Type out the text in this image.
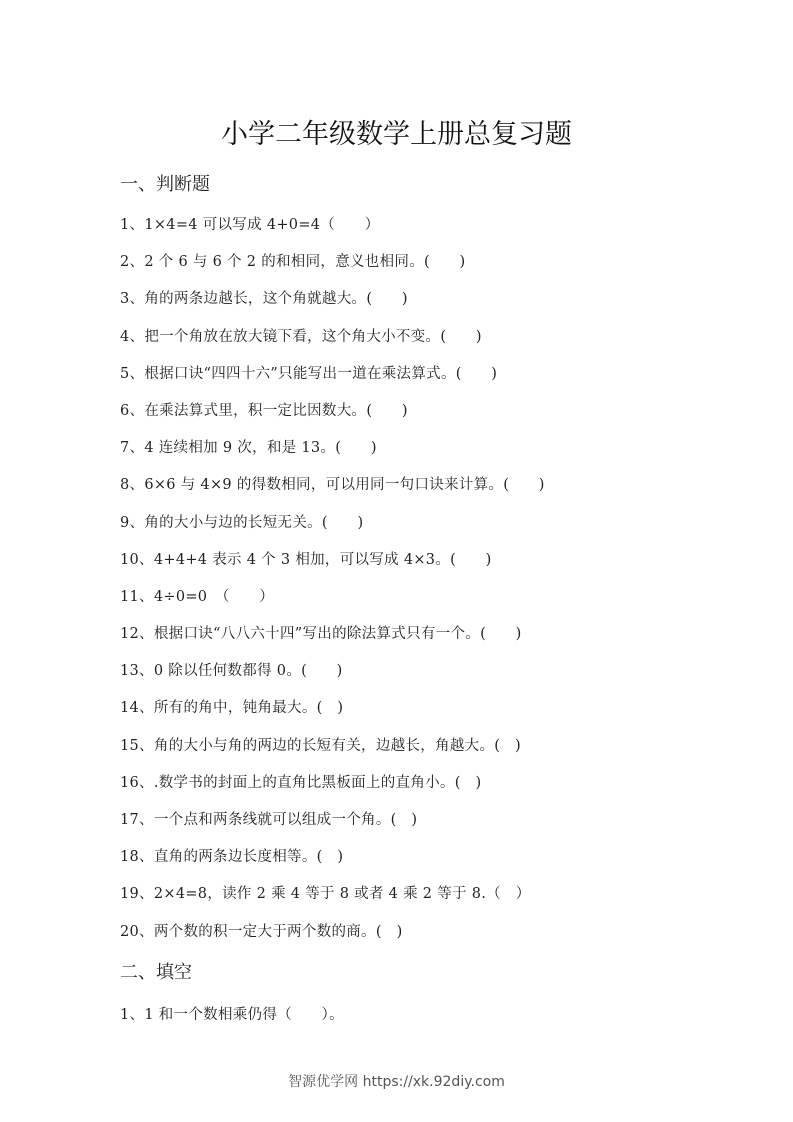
小学二年级数学上册总复习题
一、判断题
1、1×4=4 可以写成 4+0=4（　　）
2、2 个 6 与 6 个 2 的和相同，意义也相同。(　　)
3、角的两条边越长，这个角就越大。(　　)
4、把一个角放在放大镜下看，这个角大小不变。(　　)
5、根据口诀“四四十六”只能写出一道在乘法算式。(　　)
6、在乘法算式里，积一定比因数大。(　　)
7、4 连续相加 9 次，和是 13。(　　)
8、6×6 与 4×9 的得数相同，可以用同一句口诀来计算。(　　)
9、角的大小与边的长短无关。(　　)
10、4+4+4 表示 4 个 3 相加，可以写成 4×3。(　　)
11、4÷0=0　（　　）
12、根据口诀“八八六十四”写出的除法算式只有一个。(　　)
13、0 除以任何数都得 0。(　　)
14、所有的角中，钝角最大。(　)
15、角的大小与角的两边的长短有关，边越长，角越大。(　)
16、.数学书的封面上的直角比黑板面上的直角小。(　)
17、一个点和两条线就可以组成一个角。(　)
18、直角的两条边长度相等。(　)
19、2×4=8，读作 2 乘 4 等于 8 或者 4 乘 2 等于 8.（　）
20、两个数的积一定大于两个数的商。(　)
二、填空
1、1 和一个数相乘仍得（　　）。
智源优学网 https://xk.92diy.com
